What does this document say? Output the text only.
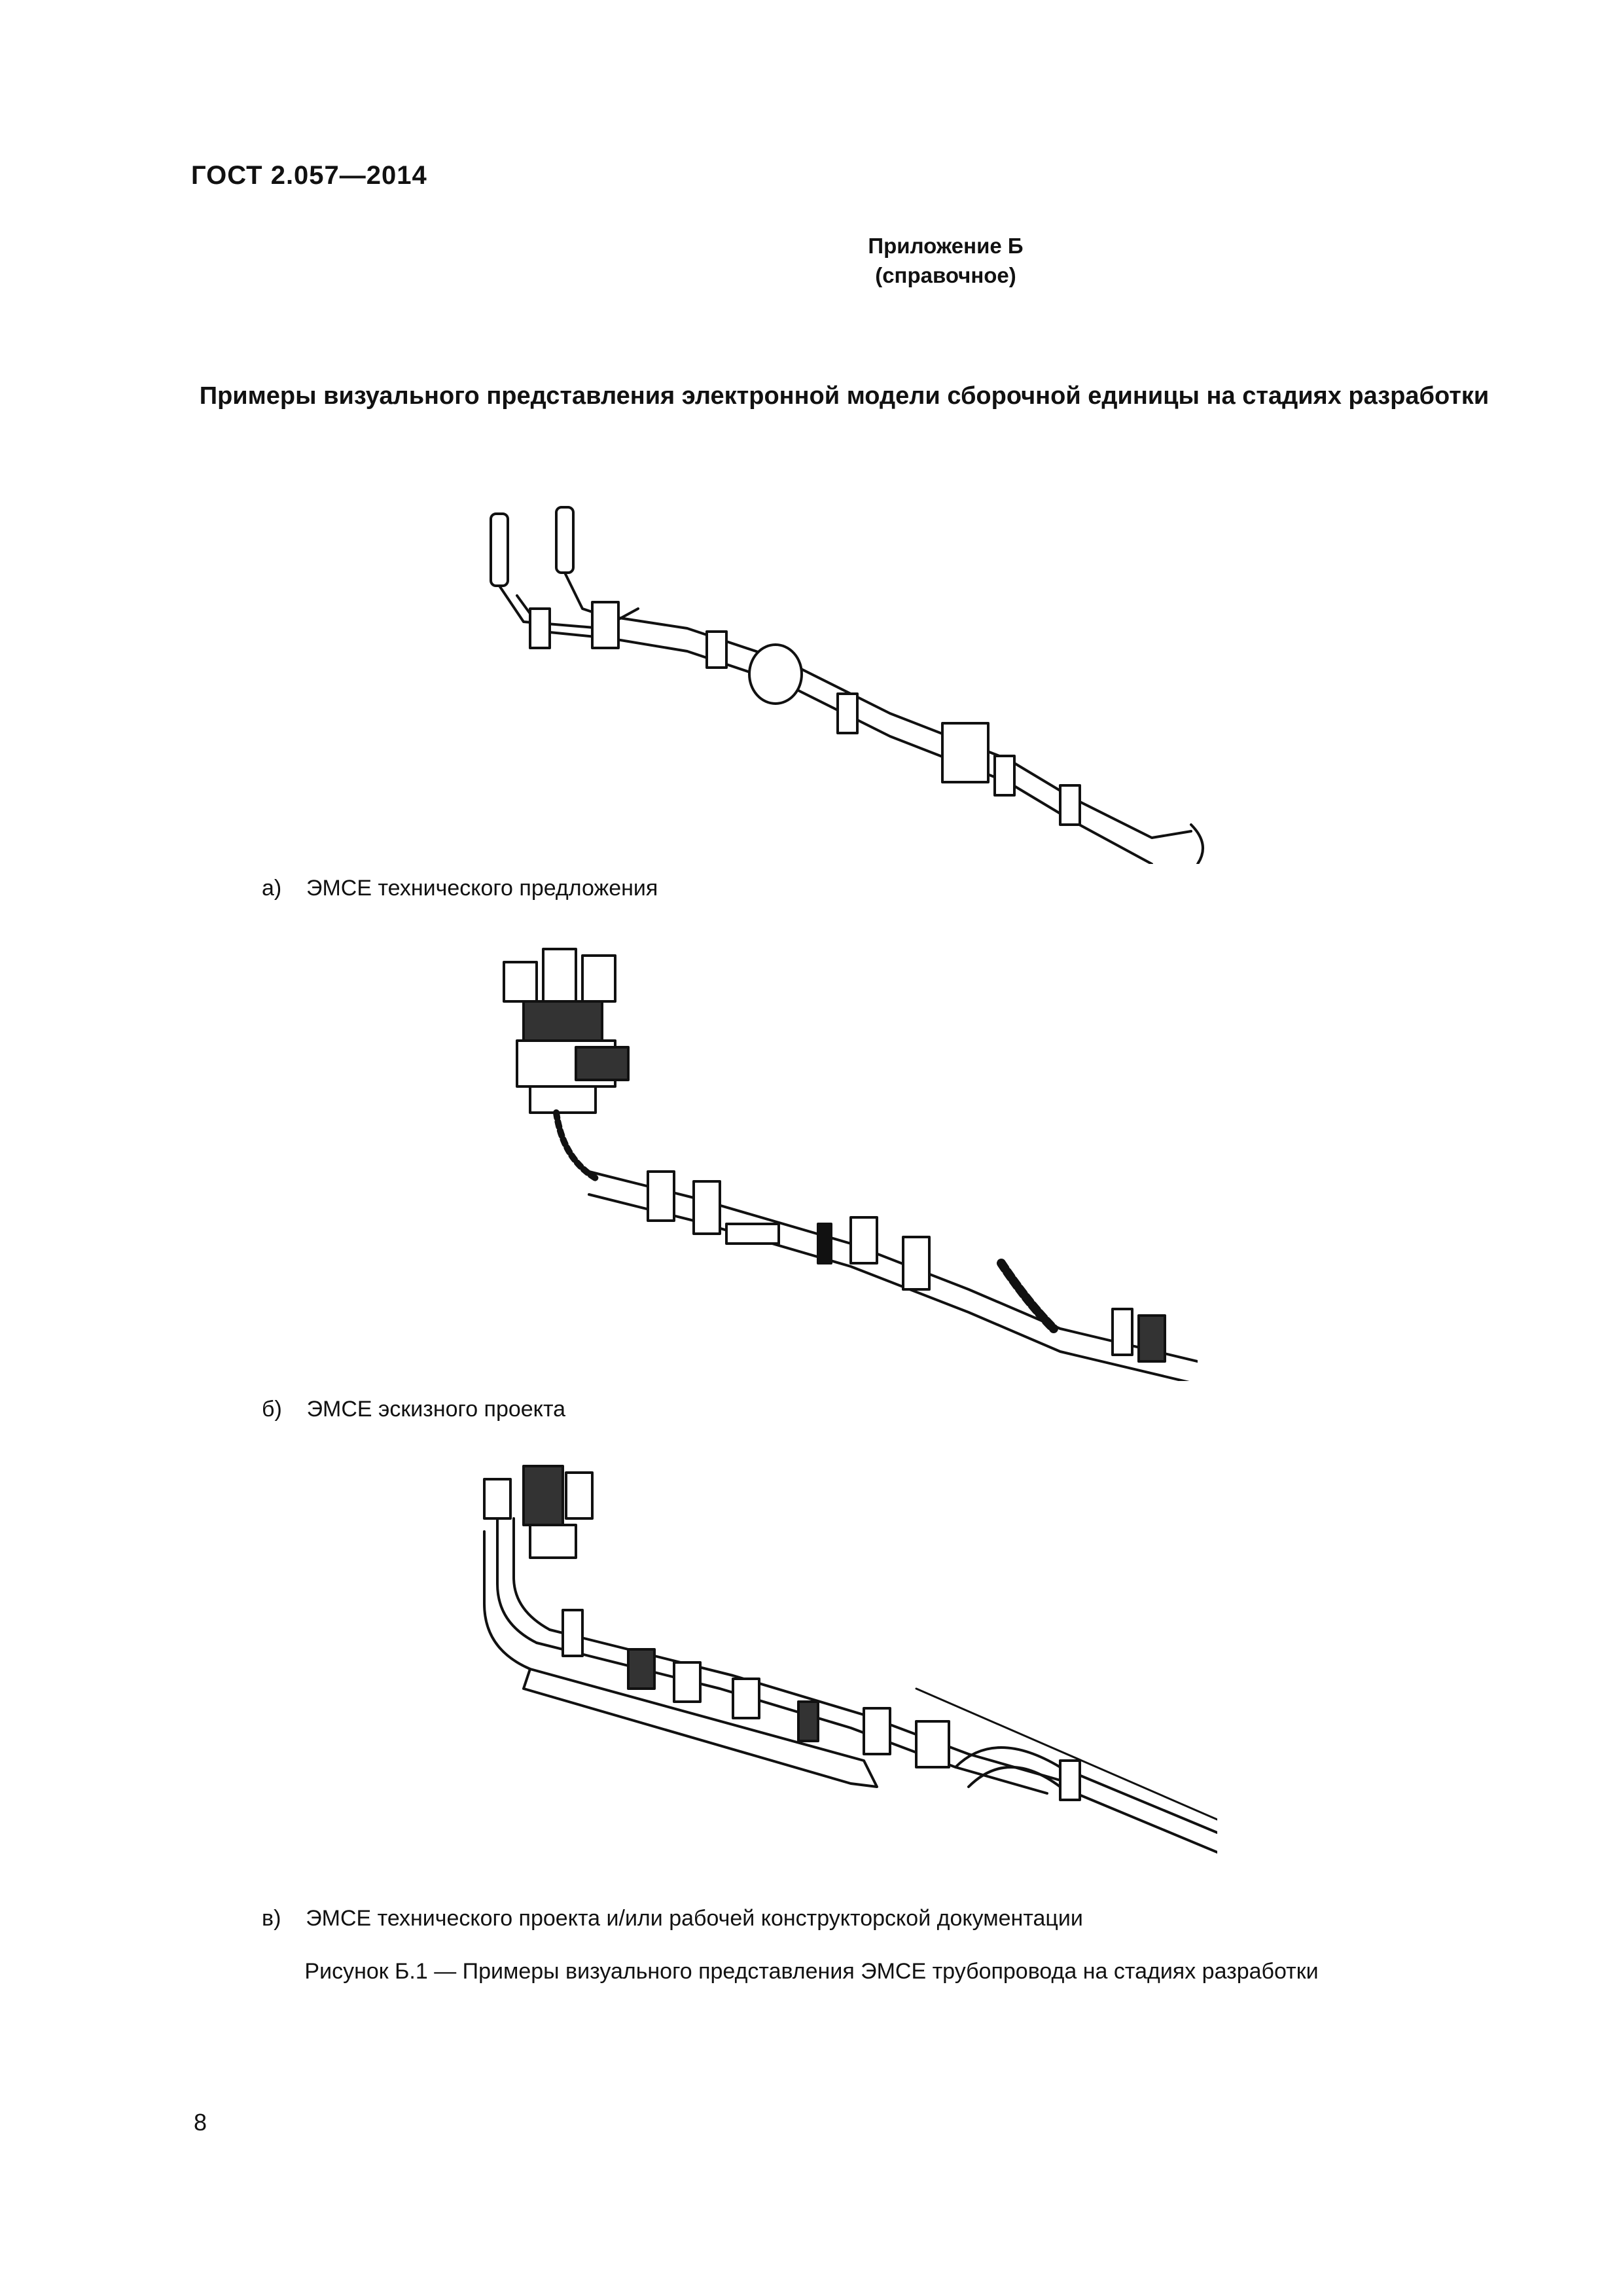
ГОСТ 2.057—2014
Приложение Б
(справочное)
Примеры визуального представления электронной модели сборочной единицы на стадиях разработки
а) ЭМСЕ технического предложения
б) ЭМСЕ эскизного проекта
в) ЭМСЕ технического проекта и/или рабочей конструкторской документации
Рисунок Б.1 — Примеры визуального представления ЭМСЕ трубопровода на стадиях разработки
8
